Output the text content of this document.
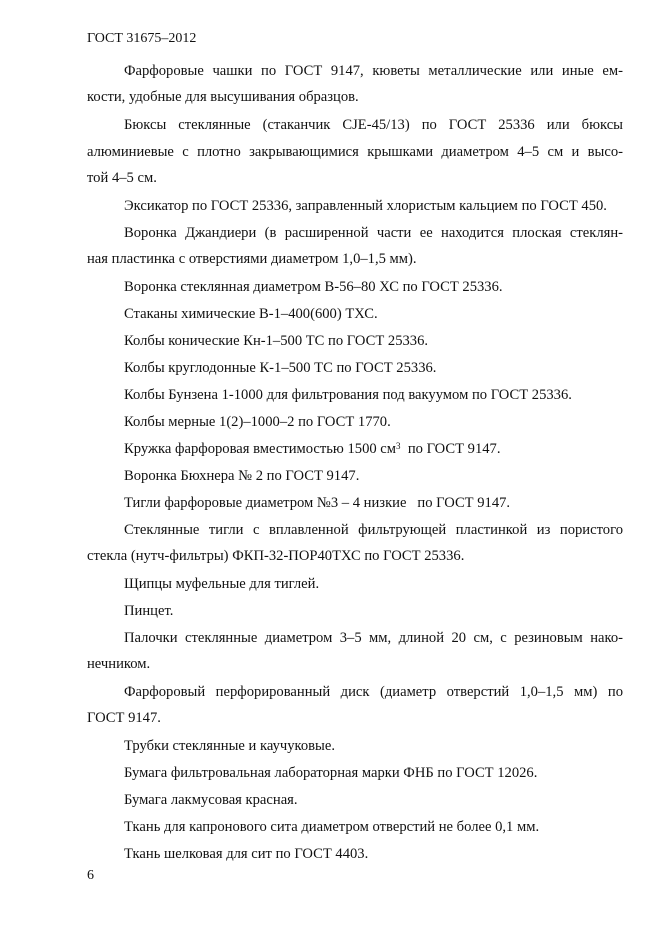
ГОСТ 31675–2012
Фарфоровые чашки по ГОСТ 9147, кюветы металлические или иные ем-
кости, удобные для высушивания образцов.
Бюксы стеклянные (стаканчик СJЕ-45/13) по ГОСТ 25336 или бюксы
алюминиевые с плотно закрывающимися крышками диаметром 4–5 см и высо-
той 4–5 см.
Эксикатор по ГОСТ 25336, заправленный хлористым кальцием по ГОСТ 450.
Воронка Джандиери (в расширенной части ее находится плоская стеклян-
ная пластинка с отверстиями диаметром 1,0–1,5 мм).
Воронка стеклянная диаметром В-56–80 ХС по ГОСТ 25336.
Стаканы химические В-1–400(600) ТХС.
Колбы конические Кн-1–500 ТС по ГОСТ 25336.
Колбы круглодонные К-1–500 ТС по ГОСТ 25336.
Колбы Бунзена 1-1000 для фильтрования под вакуумом по ГОСТ 25336.
Колбы мерные 1(2)–1000–2 по ГОСТ 1770.
Кружка фарфоровая вместимостью 1500 $см^3$  по ГОСТ 9147.
Воронка Бюхнера № 2 по ГОСТ 9147.
Тигли фарфоровые диаметром №3 – 4 низкие   по ГОСТ 9147.
Стеклянные тигли с вплавленной фильтрующей пластинкой из пористого
стекла (нутч-фильтры) ФКП-32-ПОР40ТХС по ГОСТ 25336.
Щипцы муфельные для тиглей.
Пинцет.
Палочки стеклянные диаметром 3–5 мм, длиной 20 см, с резиновым нако-
нечником.
Фарфоровый перфорированный диск (диаметр отверстий 1,0–1,5 мм) по
ГОСТ 9147.
Трубки стеклянные и каучуковые.
Бумага фильтровальная лабораторная марки ФНБ по ГОСТ 12026.
Бумага лакмусовая красная.
Ткань для капронового сита диаметром отверстий не более 0,1 мм.
Ткань шелковая для сит по ГОСТ 4403.
6
